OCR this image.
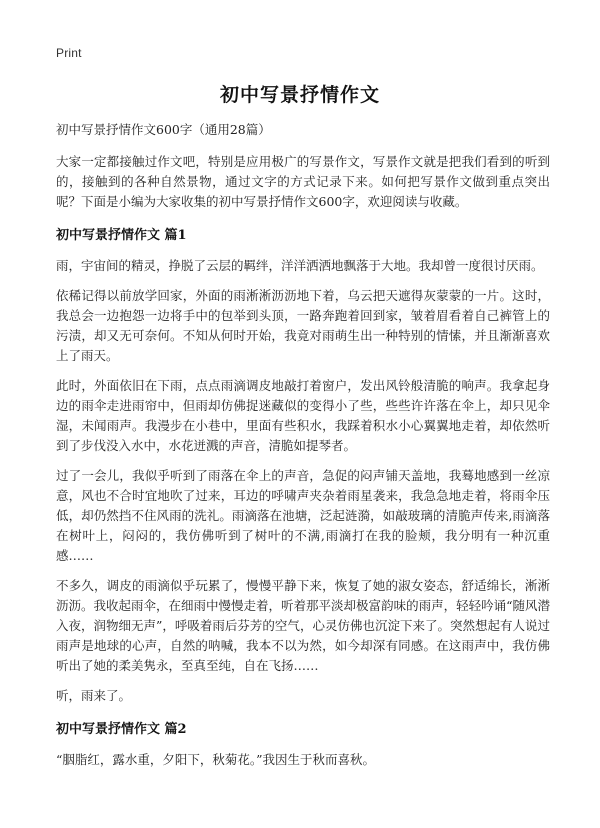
Print
初中写景抒情作文
初中写景抒情作文600字（通用28篇）

大家一定都接触过作文吧，特别是应用极广的写景作文，写景作文就是把我们看到的听到的，接触到的各种自然景物，通过文字的方式记录下来。如何把写景作文做到重点突出呢？下面是小编为大家收集的初中写景抒情作文600字，欢迎阅读与收藏。

初中写景抒情作文 篇1

雨，宇宙间的精灵，挣脱了云层的羁绊，洋洋洒洒地飘落于大地。我却曾一度很讨厌雨。

依稀记得以前放学回家，外面的雨淅淅沥沥地下着，乌云把天遮得灰蒙蒙的一片。这时，我总会一边抱怨一边将手中的包举到头顶，一路奔跑着回到家，皱着眉看着自己裤管上的污渍，却又无可奈何。不知从何时开始，我竟对雨萌生出一种特别的情愫，并且渐渐喜欢上了雨天。

此时，外面依旧在下雨，点点雨滴调皮地敲打着窗户，发出风铃般清脆的响声。我拿起身边的雨伞走进雨帘中，但雨却仿佛捉迷藏似的变得小了些，些些许许落在伞上，却只见伞湿，未闻雨声。我漫步在小巷中，里面有些积水，我踩着积水小心翼翼地走着，却依然听到了步伐没入水中，水花迸溅的声音，清脆如提琴者。

过了一会儿，我似乎听到了雨落在伞上的声音，急促的闷声铺天盖地，我蓦地感到一丝凉意，风也不合时宜地吹了过来，耳边的呼啸声夹杂着雨星袭来，我急急地走着，将雨伞压低，却仍然挡不住风雨的洗礼。雨滴落在池塘，泛起涟漪，如敲玻璃的清脆声传来,雨滴落在树叶上，闷闷的，我仿佛听到了树叶的不满,雨滴打在我的脸颊，我分明有一种沉重感……

不多久，调皮的雨滴似乎玩累了，慢慢平静下来，恢复了她的淑女姿态，舒适绵长，淅淅沥沥。我收起雨伞，在细雨中慢慢走着，听着那平淡却极富韵味的雨声，轻轻吟诵“随风潜入夜，润物细无声”，呼吸着雨后芬芳的空气，心灵仿佛也沉淀下来了。突然想起有人说过雨声是地球的心声，自然的呐喊，我本不以为然，如今却深有同感。在这雨声中，我仿佛听出了她的柔美隽永，至真至纯，自在飞扬……

听，雨来了。

初中写景抒情作文 篇2

“胭脂红，露水重，夕阳下，秋菊花。”我因生于秋而喜秋。
